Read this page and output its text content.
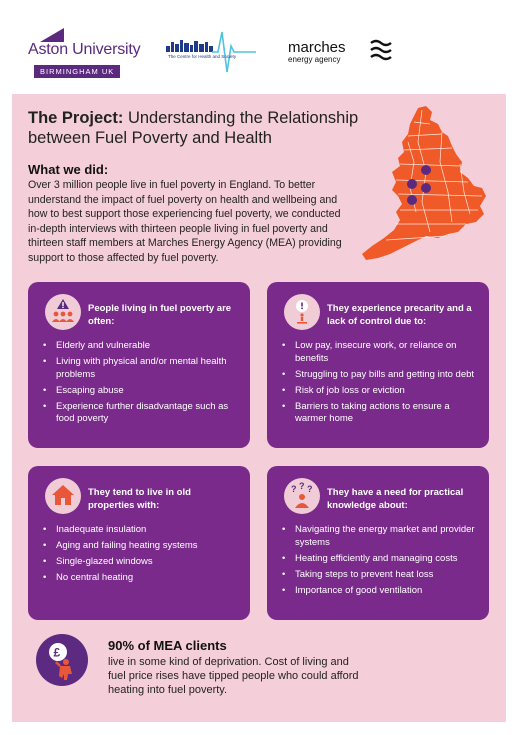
Aston University
BIRMINGHAM UK
The Centre for Health and Society
marches
energy agency
The Project: Understanding the Relationship between Fuel Poverty and Health
What we did:
Over 3 million people live in fuel poverty in England. To better understand the impact of fuel poverty on health and wellbeing and how to best support those experiencing fuel poverty, we conducted in-depth interviews with thirteen people living in fuel poverty and thirteen staff members at Marches Energy Agency (MEA) providing support to those affected by fuel poverty.
People living in fuel poverty are often:
• Elderly and vulnerable
• Living with physical and/or mental health problems
• Escaping abuse
• Experience further disadvantage such as food poverty
They experience precarity and a lack of control due to:
• Low pay, insecure work, or reliance on benefits
• Struggling to pay bills and getting into debt
• Risk of job loss or eviction
• Barriers to taking actions to ensure a warmer home
They tend to live in old properties with:
• Inadequate insulation
• Aging and failing heating systems
• Single-glazed windows
• No central heating
? ? ? They have a need for practical knowledge about:
• Navigating the energy market and provider systems
• Heating efficiently and managing costs
• Taking steps to prevent heat loss
• Importance of good ventilation
£	90% of MEA clients
live in some kind of deprivation. Cost of living and fuel price rises have tipped people who could afford heating into fuel poverty.
